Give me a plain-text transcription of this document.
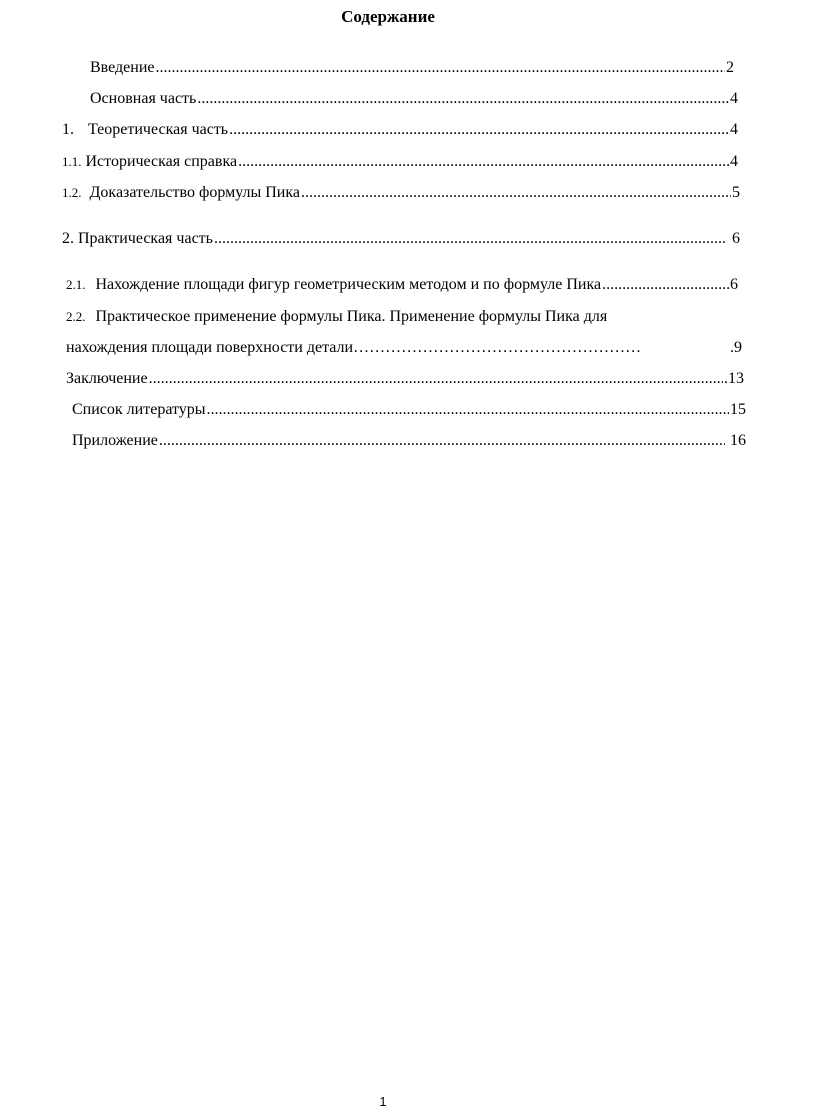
Содержание
Введение .....	2
Основная часть .....	4
1. Теоретическая часть .....	4
1.1. Историческая справка .....	4
1.2. Доказательство формулы Пика .....	5
2. Практическая часть .....	6
2.1. Нахождение площади фигур геометрическим методом и по формуле Пика .....	6
2.2. Практическое применение формулы Пика. Применение формулы Пика для
нахождения площади поверхности детали ………………………………………………	.9
Заключение .....	.13
Список литературы .....	15
Приложение .....	16
1
